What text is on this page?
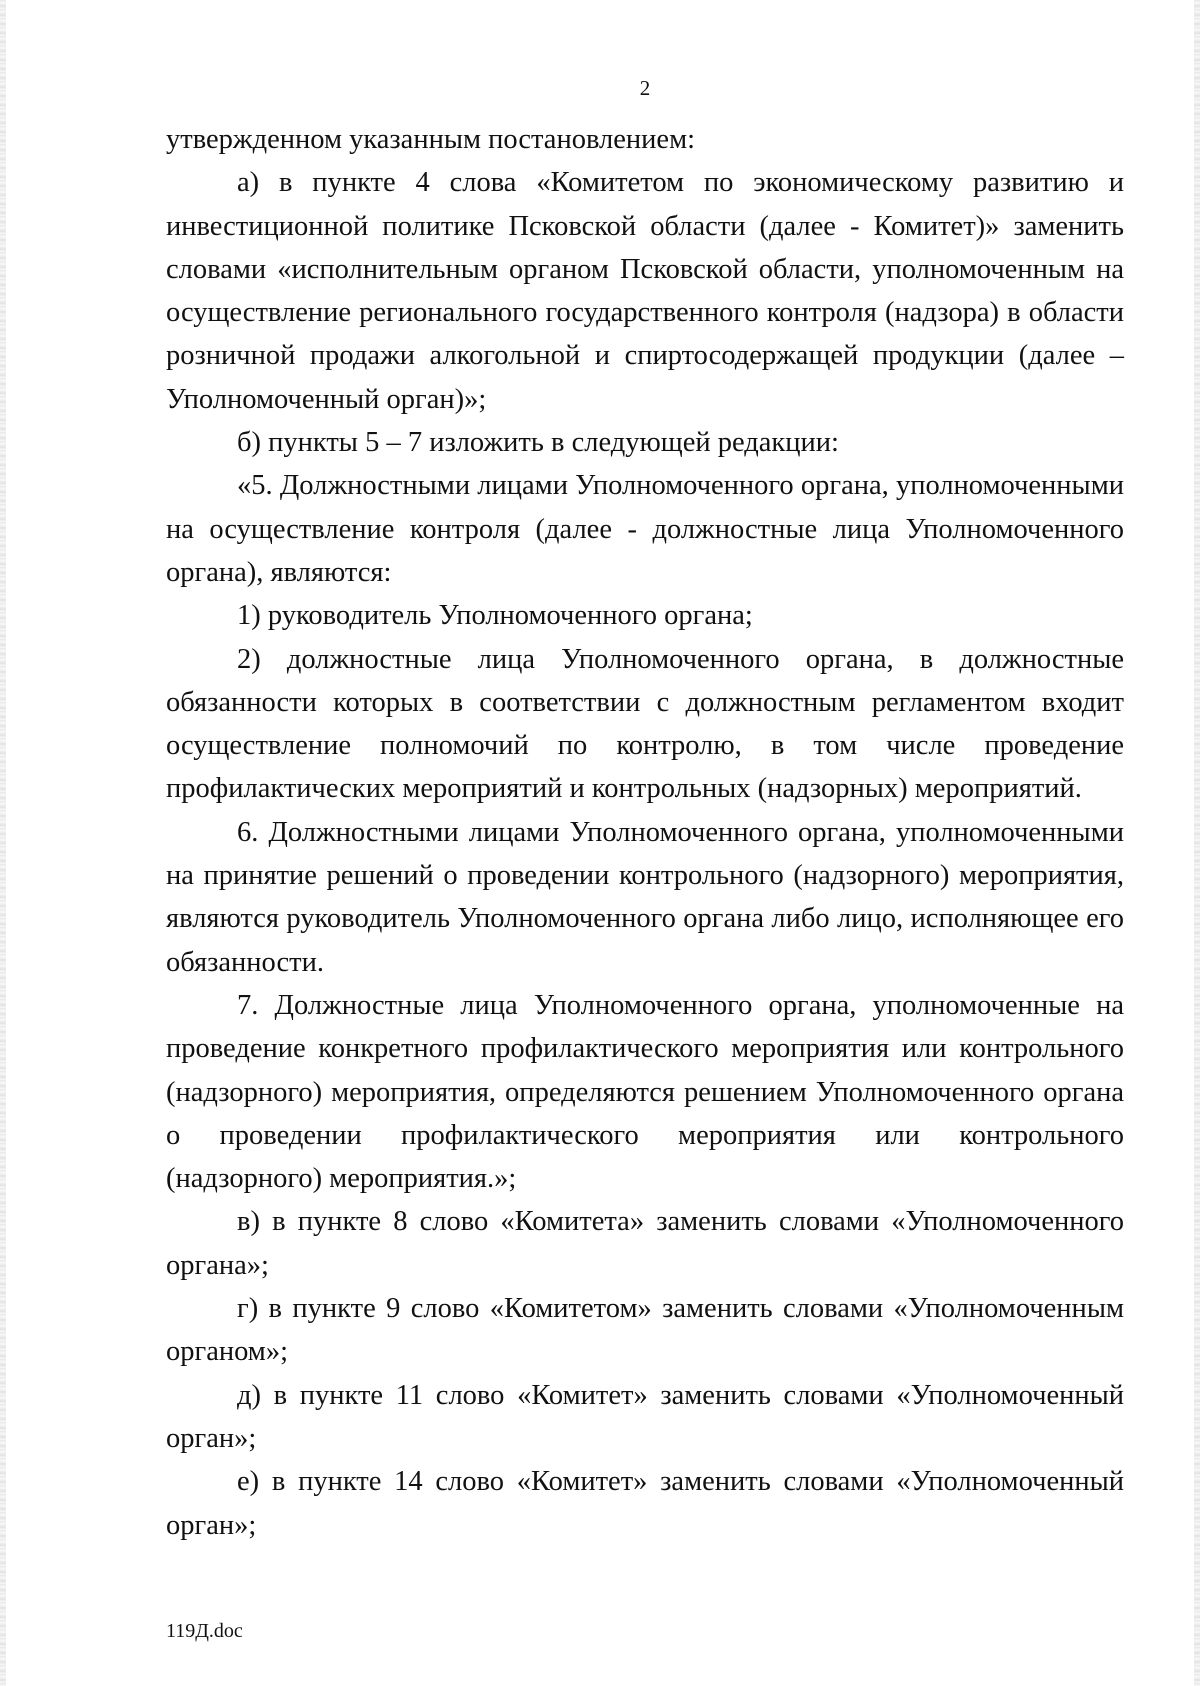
2

утвержденном указанным постановлением:

а) в пункте 4 слова «Комитетом по экономическому развитию и инвестиционной политике Псковской области (далее - Комитет)» заменить словами «исполнительным органом Псковской области, уполномоченным на осуществление регионального государственного контроля (надзора) в области розничной продажи алкогольной и спиртосодержащей продукции (далее – Уполномоченный орган)»;

б) пункты 5 – 7 изложить в следующей редакции:

«5. Должностными лицами Уполномоченного органа, уполномоченными на осуществление контроля (далее - должностные лица Уполномоченного органа), являются:

1) руководитель Уполномоченного органа;

2) должностные лица Уполномоченного органа, в должностные обязанности которых в соответствии с должностным регламентом входит осуществление полномочий по контролю, в том числе проведение профилактических мероприятий и контрольных (надзорных) мероприятий.

6. Должностными лицами Уполномоченного органа, уполномоченными на принятие решений о проведении контрольного (надзорного) мероприятия, являются руководитель Уполномоченного органа либо лицо, исполняющее его обязанности.

7. Должностные лица Уполномоченного органа, уполномоченные на проведение конкретного профилактического мероприятия или контрольного (надзорного) мероприятия, определяются решением Уполномоченного органа о проведении профилактического мероприятия или контрольного (надзорного) мероприятия.»;

в) в пункте 8 слово «Комитета» заменить словами «Уполномоченного органа»;

г) в пункте 9 слово «Комитетом» заменить словами «Уполномоченным органом»;

д) в пункте 11 слово «Комитет» заменить словами «Уполномоченный орган»;

е) в пункте 14 слово «Комитет» заменить словами «Уполномоченный орган»;

119Д.doc
